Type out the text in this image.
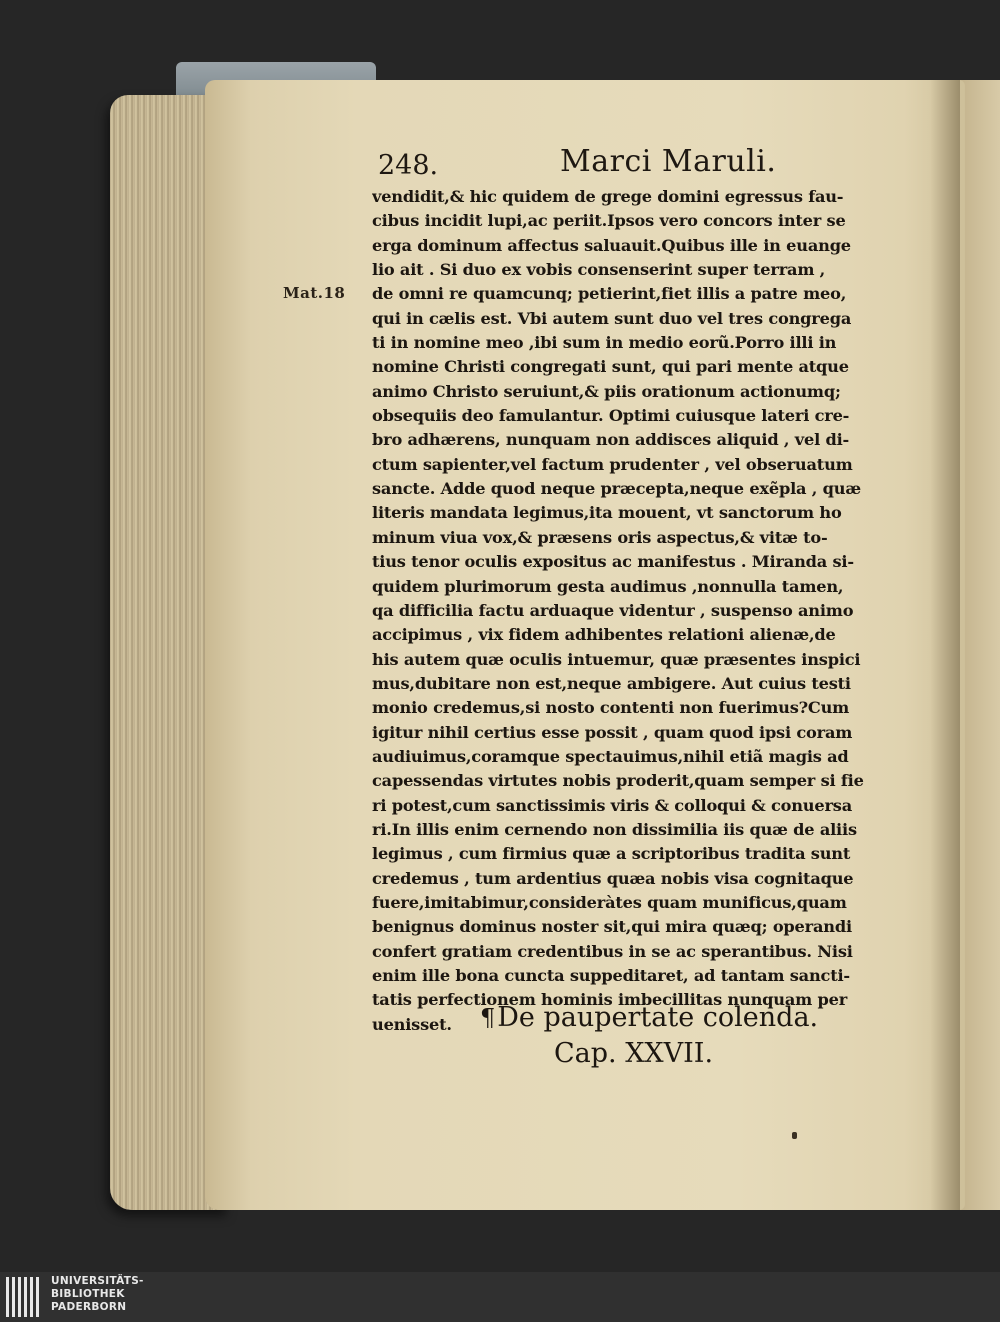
248.	Marci Maruli.
Mat.18
vendidit,& hic quidem de grege domini egressus fau-
cibus incidit lupi,ac periit.Ipsos vero concors inter se
erga dominum affectus saluauit.Quibus ille in euange
lio ait . Si duo ex vobis consenserint super terram ,
de omni re quamcunq; petierint,fiet illis a patre meo,
qui in cælis est. Vbi autem sunt duo vel tres congrega
ti in nomine meo ,ibi sum in medio eorũ.Porro illi in
nomine Christi congregati sunt, qui pari mente atque
animo Christo seruiunt,& piis orationum actionumq;
obsequiis deo famulantur. Optimi cuiusque lateri cre-
bro adhærens, nunquam non addisces aliquid , vel di-
ctum sapienter,vel factum prudenter , vel obseruatum
sancte. Adde quod neque præcepta,neque exẽpla , quæ
literis mandata legimus,ita mouent, vt sanctorum ho
minum viua vox,& præsens oris aspectus,& vitæ to-
tius tenor oculis expositus ac manifestus . Miranda si-
quidem plurimorum gesta audimus ,nonnulla tamen,
qa difficilia factu arduaque videntur , suspenso animo
accipimus , vix fidem adhibentes relationi alienæ,de
his autem quæ oculis intuemur, quæ præsentes inspici
mus,dubitare non est,neque ambigere. Aut cuius testi
monio credemus,si nosto contenti non fuerimus?Cum
igitur nihil certius esse possit , quam quod ipsi coram
audiuimus,coramque spectauimus,nihil etiã magis ad
capessendas virtutes nobis proderit,quam semper si fie
ri potest,cum sanctissimis viris & colloqui & conuersa
ri.In illis enim cernendo non dissimilia iis quæ de aliis
legimus , cum firmius quæ a scriptoribus tradita sunt
credemus , tum ardentius quæa nobis visa cognitaque
fuere,imitabimur,consideràtes quam munificus,quam
benignus dominus noster sit,qui mira quæq; operandi
confert gratiam credentibus in se ac sperantibus. Nisi
enim ille bona cuncta suppeditaret, ad tantam sancti-
tatis perfectionem hominis imbecillitas nunquam per
uenisset.	¶De paupertate colenda.
Cap. XXVII.
UNIVERSITÄTS-
BIBLIOTHEK
PADERBORN
